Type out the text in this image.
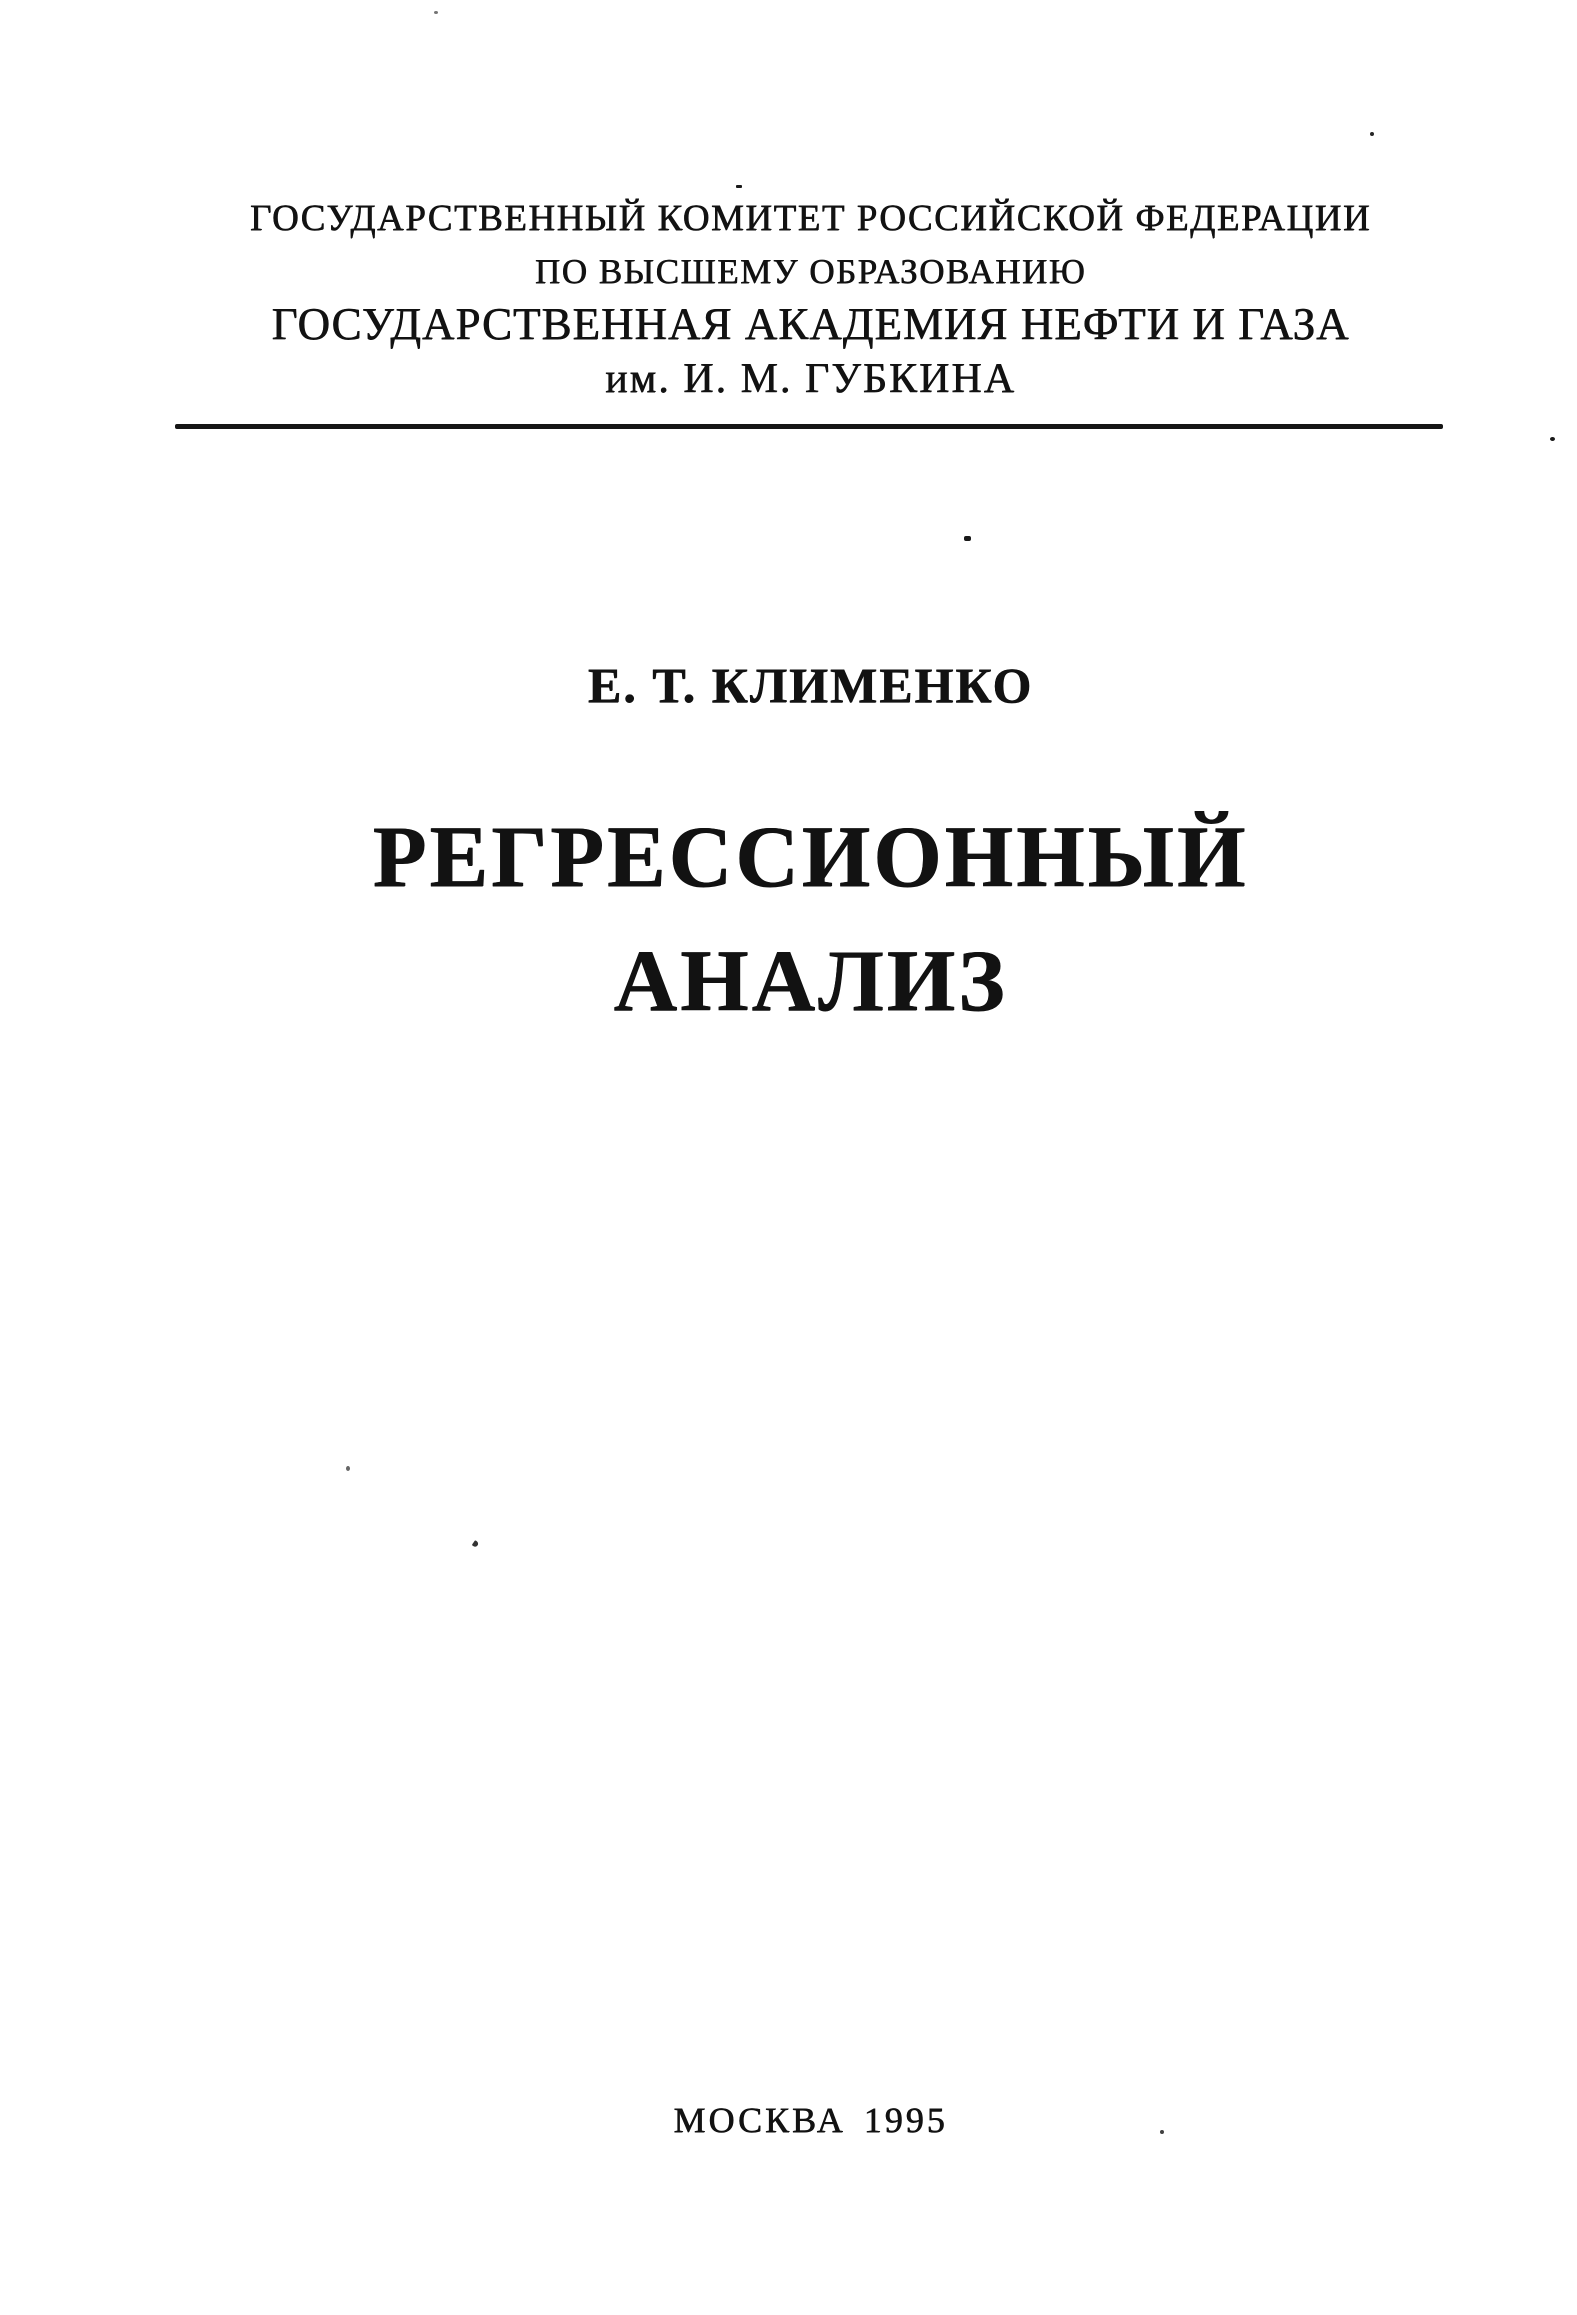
ГОСУДАРСТВЕННЫЙ КОМИТЕТ РОССИЙСКОЙ ФЕДЕРАЦИИ
ПО ВЫСШЕМУ ОБРАЗОВАНИЮ
ГОСУДАРСТВЕННАЯ АКАДЕМИЯ НЕФТИ И ГАЗА
им. И. М. ГУБКИНА
Е. Т. КЛИМЕНКО
РЕГРЕССИОННЫЙ
АНАЛИЗ
МОСКВА 1995
